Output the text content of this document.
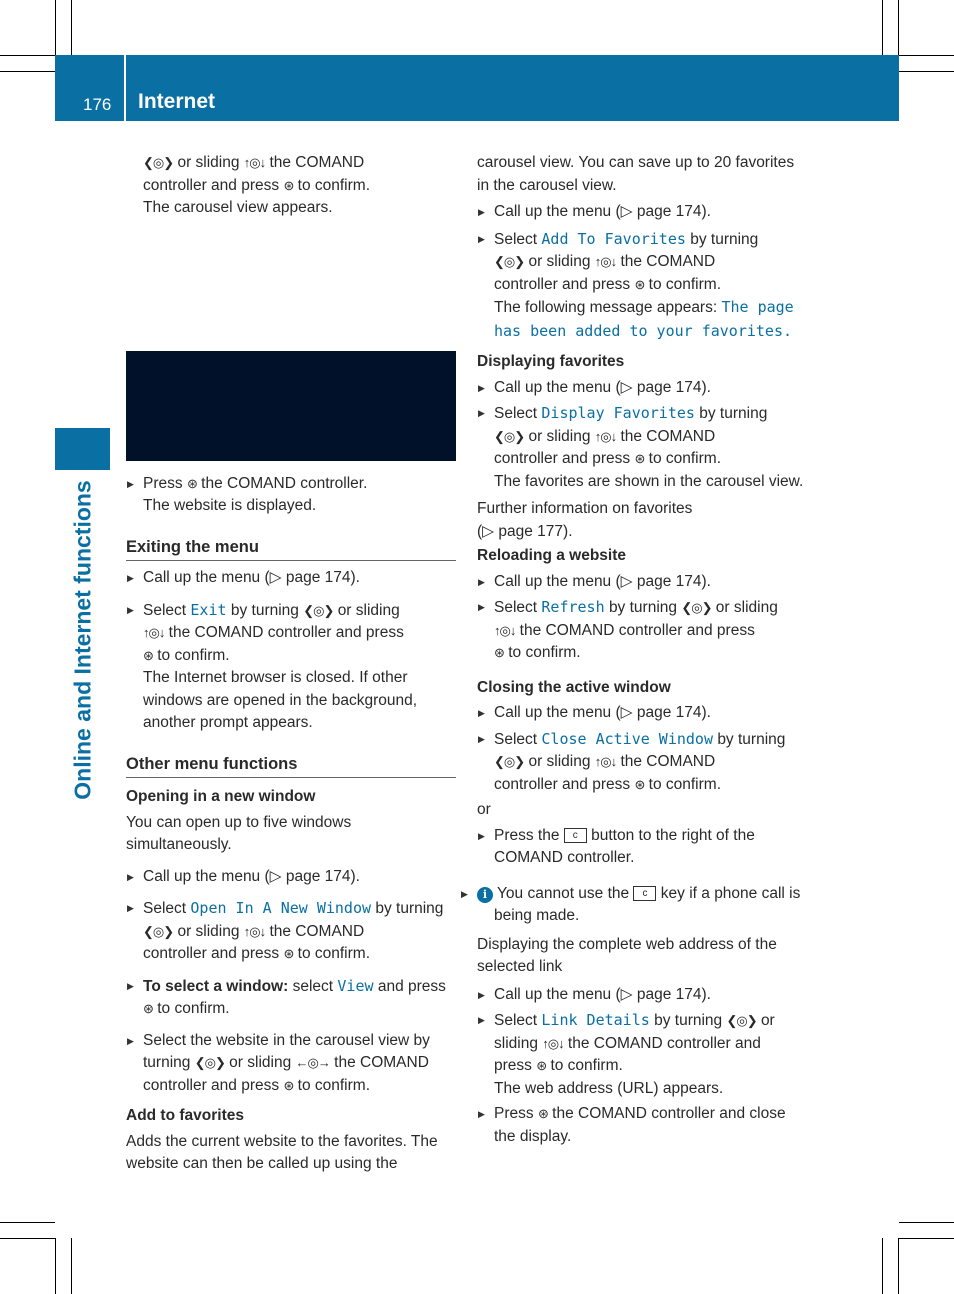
176 Internet
Online and Internet functions

❮◎❯ or sliding ↑◎↓ the COMAND
controller and press ⊛ to confirm.
The carousel view appears.

▶ Press ⊛ the COMAND controller.
The website is displayed.

Exiting the menu

▶ Call up the menu (▷ page 174).

▶ Select Exit by turning ❮◎❯ or sliding
↑◎↓ the COMAND controller and press
⊛ to confirm.
The Internet browser is closed. If other windows are opened in the background, another prompt appears.

Other menu functions

Opening in a new window

You can open up to five windows simultaneously.

▶ Call up the menu (▷ page 174).

▶ Select Open In A New Window by turning
❮◎❯ or sliding ↑◎↓ the COMAND
controller and press ⊛ to confirm.

▶ To select a window: select View and press
⊛ to confirm.

▶ Select the website in the carousel view by
turning ❮◎❯ or sliding ←◎→ the COMAND
controller and press ⊛ to confirm.

Add to favorites

Adds the current website to the favorites. The website can then be called up using the

carousel view. You can save up to 20 favorites in the carousel view.

▶ Call up the menu (▷ page 174).

▶ Select Add To Favorites by turning
❮◎❯ or sliding ↑◎↓ the COMAND
controller and press ⊛ to confirm.
The following message appears: The page
has been added to your favorites.

Displaying favorites

▶ Call up the menu (▷ page 174).

▶ Select Display Favorites by turning
❮◎❯ or sliding ↑◎↓ the COMAND
controller and press ⊛ to confirm.
The favorites are shown in the carousel view.

Further information on favorites
(▷ page 177).

Reloading a website

▶ Call up the menu (▷ page 174).

▶ Select Refresh by turning ❮◎❯ or sliding
↑◎↓ the COMAND controller and press
⊛ to confirm.

Closing the active window

▶ Call up the menu (▷ page 174).

▶ Select Close Active Window by turning
❮◎❯ or sliding ↑◎↓ the COMAND
controller and press ⊛ to confirm.

or

▶ Press the c button to the right of the COMAND controller.

▶ i You cannot use the c key if a phone call is being made.

Displaying the complete web address of the selected link

▶ Call up the menu (▷ page 174).

▶ Select Link Details by turning ❮◎❯ or
sliding ↑◎↓ the COMAND controller and
press ⊛ to confirm.
The web address (URL) appears.

▶ Press ⊛ the COMAND controller and close the display.
